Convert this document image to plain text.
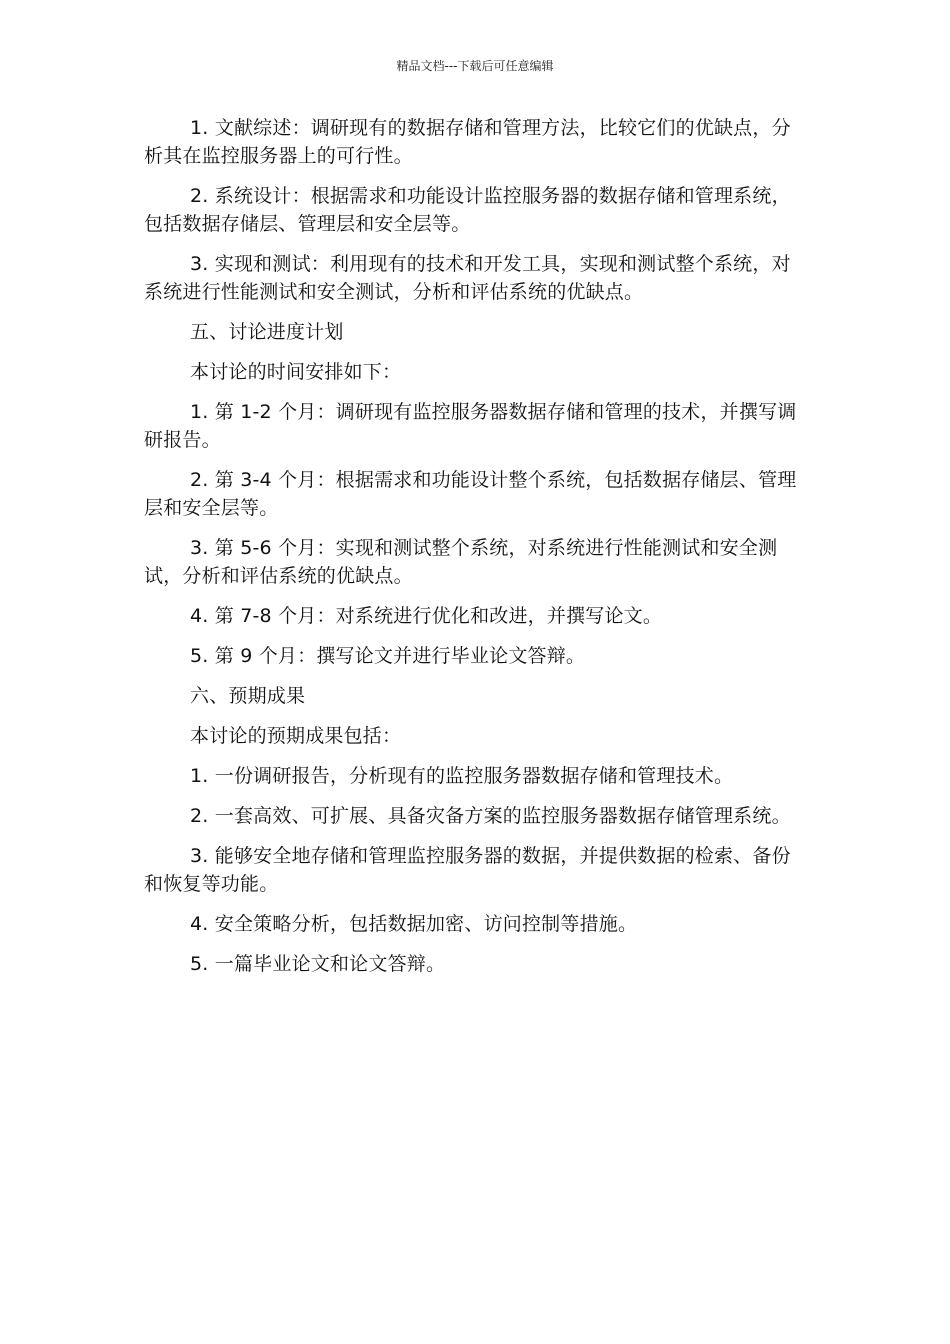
精品文档---下载后可任意编辑

1. 文献综述：调研现有的数据存储和管理方法，比较它们的优缺点，分析其在监控服务器上的可行性。

2. 系统设计：根据需求和功能设计监控服务器的数据存储和管理系统，包括数据存储层、管理层和安全层等。

3. 实现和测试：利用现有的技术和开发工具，实现和测试整个系统，对系统进行性能测试和安全测试，分析和评估系统的优缺点。

五、讨论进度计划

本讨论的时间安排如下：

1. 第 1-2 个月：调研现有监控服务器数据存储和管理的技术，并撰写调研报告。

2. 第 3-4 个月：根据需求和功能设计整个系统，包括数据存储层、管理层和安全层等。

3. 第 5-6 个月：实现和测试整个系统，对系统进行性能测试和安全测试，分析和评估系统的优缺点。

4. 第 7-8 个月：对系统进行优化和改进，并撰写论文。

5. 第 9 个月：撰写论文并进行毕业论文答辩。

六、预期成果

本讨论的预期成果包括：

1. 一份调研报告，分析现有的监控服务器数据存储和管理技术。

2. 一套高效、可扩展、具备灾备方案的监控服务器数据存储管理系统。

3. 能够安全地存储和管理监控服务器的数据，并提供数据的检索、备份和恢复等功能。

4. 安全策略分析，包括数据加密、访问控制等措施。

5. 一篇毕业论文和论文答辩。
